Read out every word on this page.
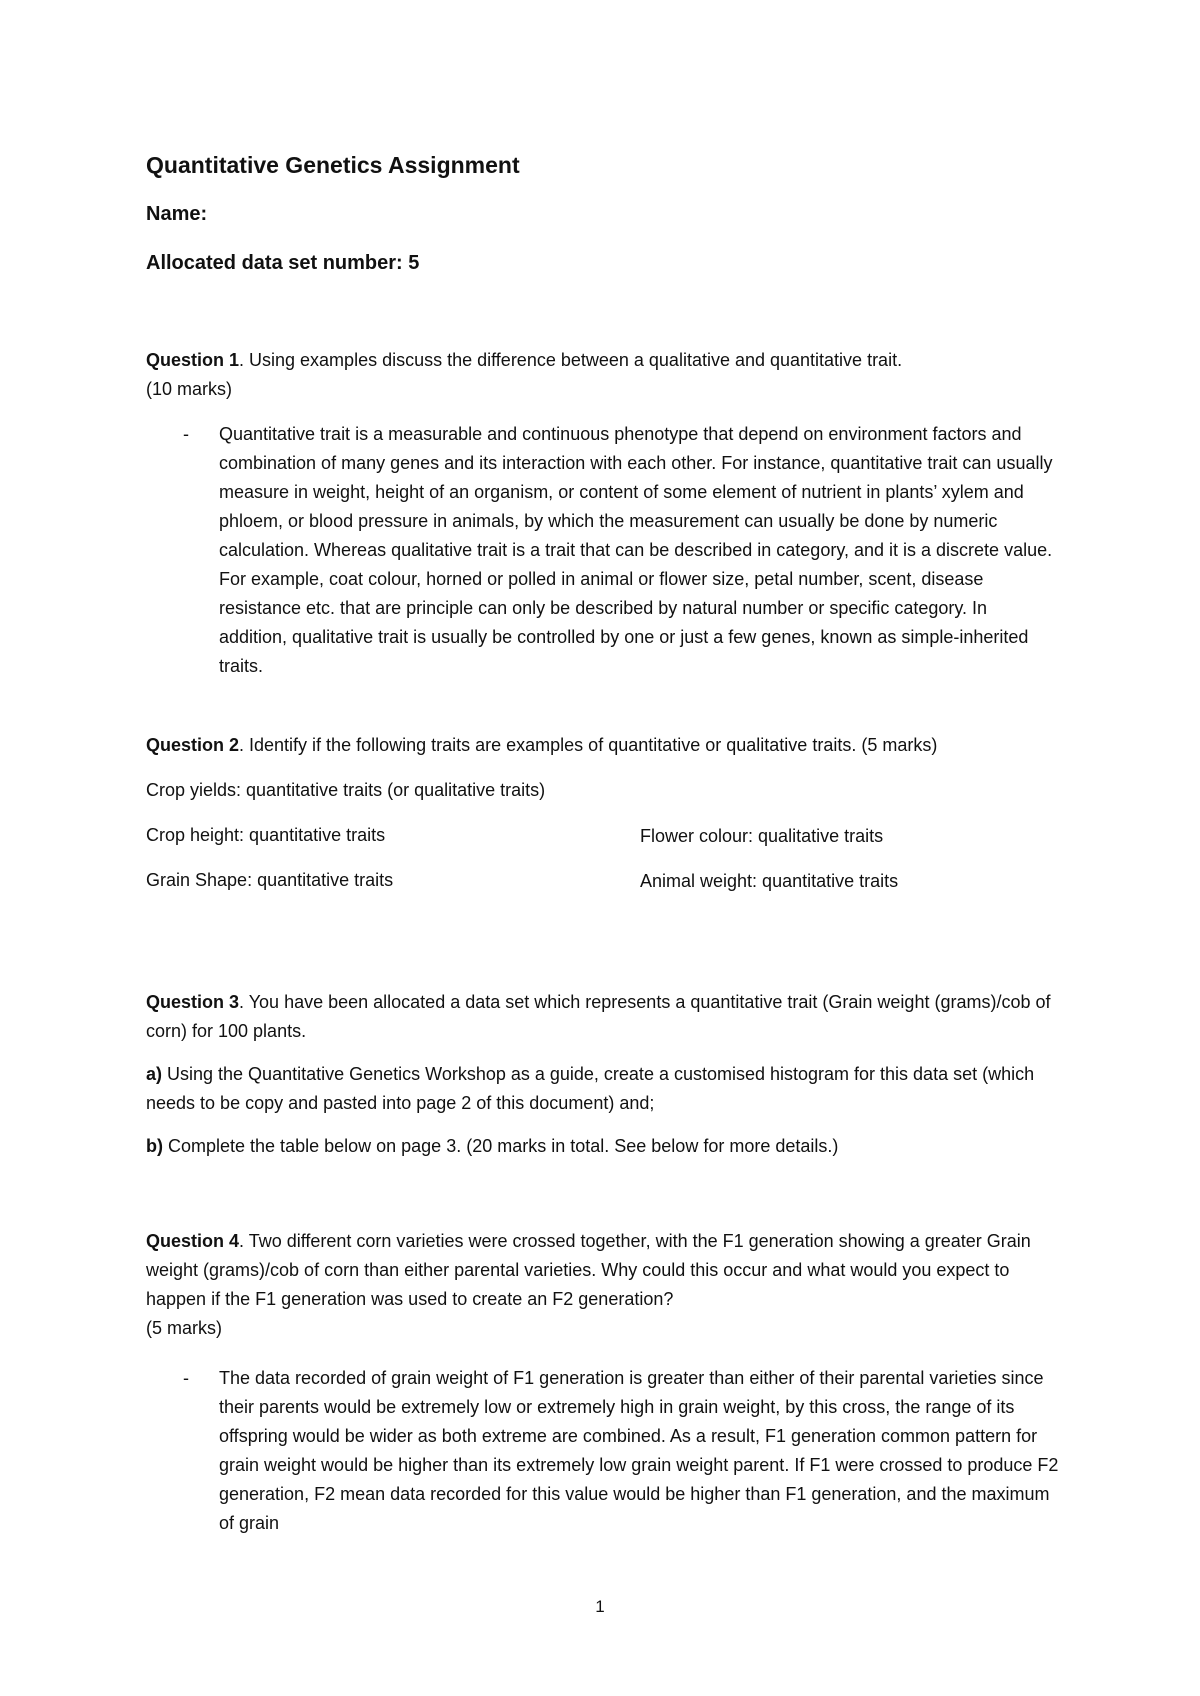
Quantitative Genetics Assignment
Name:
Allocated data set number: 5
Question 1. Using examples discuss the difference between a qualitative and quantitative trait.
(10 marks)
- Quantitative trait is a measurable and continuous phenotype that depend on environment factors and combination of many genes and its interaction with each other. For instance, quantitative trait can usually measure in weight, height of an organism, or content of some element of nutrient in plants’ xylem and phloem, or blood pressure in animals, by which the measurement can usually be done by numeric calculation. Whereas qualitative trait is a trait that can be described in category, and it is a discrete value. For example, coat colour, horned or polled in animal or flower size, petal number, scent, disease resistance etc. that are principle can only be described by natural number or specific category. In addition, qualitative trait is usually be controlled by one or just a few genes, known as simple-inherited traits.
Question 2. Identify if the following traits are examples of quantitative or qualitative traits. (5 marks)
Crop yields: quantitative traits (or qualitative traits)
Crop height: quantitative traits
Grain Shape: quantitative traits
Flower colour: qualitative traits
Animal weight: quantitative traits
Question 3. You have been allocated a data set which represents a quantitative trait (Grain weight (grams)/cob of corn) for 100 plants.
a) Using the Quantitative Genetics Workshop as a guide, create a customised histogram for this data set (which needs to be copy and pasted into page 2 of this document) and;
b) Complete the table below on page 3. (20 marks in total. See below for more details.)
Question 4. Two different corn varieties were crossed together, with the F1 generation showing a greater Grain weight (grams)/cob of corn than either parental varieties. Why could this occur and what would you expect to happen if the F1 generation was used to create an F2 generation?
(5 marks)
- The data recorded of grain weight of F1 generation is greater than either of their parental varieties since their parents would be extremely low or extremely high in grain weight, by this cross, the range of its offspring would be wider as both extreme are combined. As a result, F1 generation common pattern for grain weight would be higher than its extremely low grain weight parent. If F1 were crossed to produce F2 generation, F2 mean data recorded for this value would be higher than F1 generation, and the maximum of grain
1
